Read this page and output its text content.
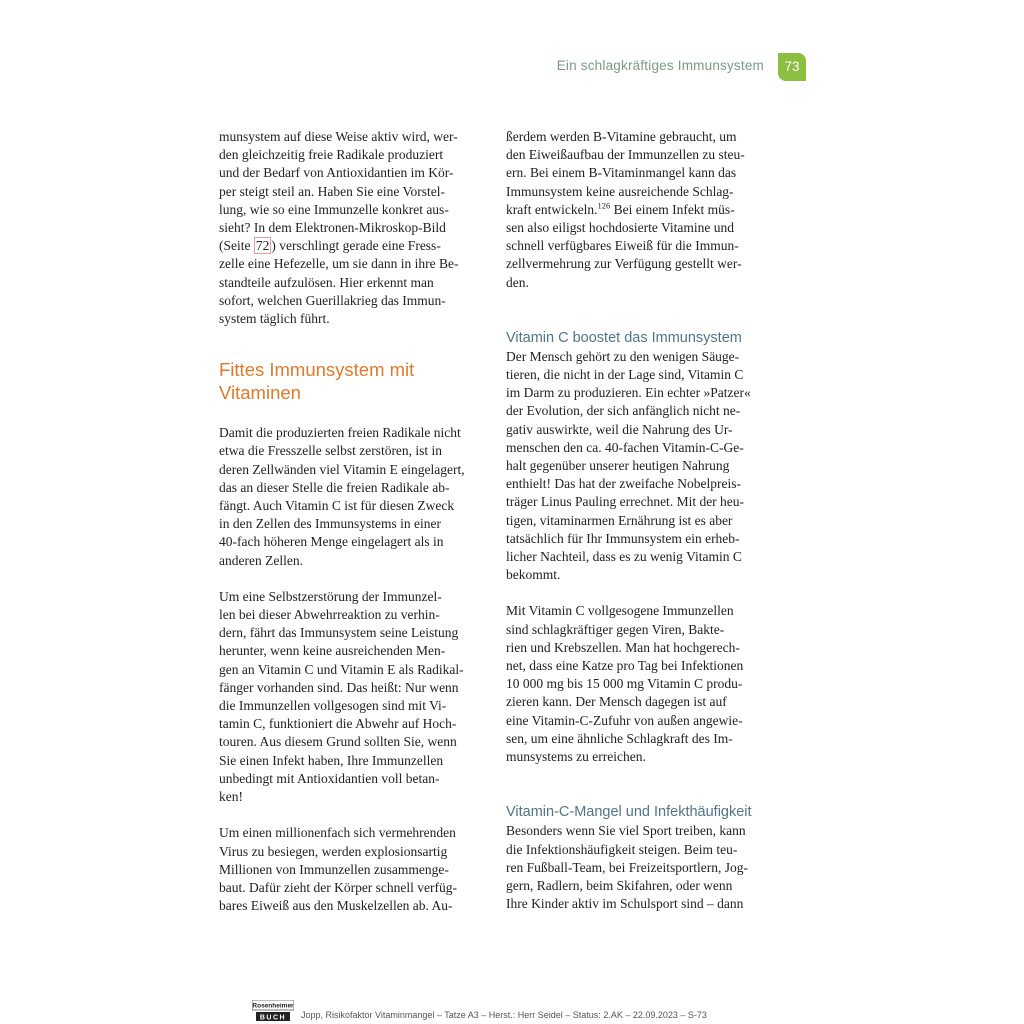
Ein schlagkräftiges Immunsystem	73

munsystem auf diese Weise aktiv wird, wer-
den gleichzeitig freie Radikale produziert
und der Bedarf von Antioxidantien im Kör-
per steigt steil an. Haben Sie eine Vorstel-
lung, wie so eine Immunzelle konkret aus-
sieht? In dem Elektronen-Mikroskop-Bild
(Seite 72 ) verschlingt gerade eine Fress-
zelle eine Hefezelle, um sie dann in ihre Be-
standteile aufzulösen. Hier erkennt man
sofort, welchen Guerillakrieg das Immun-
system täglich führt.

Fittes Immunsystem mit
Vitaminen

Damit die produzierten freien Radikale nicht
etwa die Fresszelle selbst zerstören, ist in
deren Zellwänden viel Vitamin E eingelagert,
das an dieser Stelle die freien Radikale ab-
fängt. Auch Vitamin C ist für diesen Zweck
in den Zellen des Immunsystems in einer
40-fach höheren Menge eingelagert als in
anderen Zellen.

Um eine Selbstzerstörung der Immunzel-
len bei dieser Abwehrreaktion zu verhin-
dern, fährt das Immunsystem seine Leistung
herunter, wenn keine ausreichenden Men-
gen an Vitamin C und Vitamin E als Radikal-
fänger vorhanden sind. Das heißt: Nur wenn
die Immunzellen vollgesogen sind mit Vi-
tamin C, funktioniert die Abwehr auf Hoch-
touren. Aus diesem Grund sollten Sie, wenn
Sie einen Infekt haben, Ihre Immunzellen
unbedingt mit Antioxidantien voll betan-
ken!

Um einen millionenfach sich vermehrenden
Virus zu besiegen, werden explosionsartig
Millionen von Immunzellen zusammenge-
baut. Dafür zieht der Körper schnell verfüg-
bares Eiweiß aus den Muskelzellen ab. Au-

ßerdem werden B-Vitamine gebraucht, um
den Eiweißaufbau der Immunzellen zu steu-
ern. Bei einem B-Vitaminmangel kann das
Immunsystem keine ausreichende Schlag-
kraft entwickeln.$^{126}$ Bei einem Infekt müs-
sen also eiligst hochdosierte Vitamine und
schnell verfügbares Eiweiß für die Immun-
zellvermehrung zur Verfügung gestellt wer-
den.

Vitamin C boostet das Immunsystem

Der Mensch gehört zu den wenigen Säuge-
tieren, die nicht in der Lage sind, Vitamin C
im Darm zu produzieren. Ein echter »Patzer«
der Evolution, der sich anfänglich nicht ne-
gativ auswirkte, weil die Nahrung des Ur-
menschen den ca. 40-fachen Vitamin-C-Ge-
halt gegenüber unserer heutigen Nahrung
enthielt! Das hat der zweifache Nobelpreis-
träger Linus Pauling errechnet. Mit der heu-
tigen, vitaminarmen Ernährung ist es aber
tatsächlich für Ihr Immunsystem ein erheb-
licher Nachteil, dass es zu wenig Vitamin C
bekommt.

Mit Vitamin C vollgesogene Immunzellen
sind schlagkräftiger gegen Viren, Bakte-
rien und Krebszellen. Man hat hochgerech-
net, dass eine Katze pro Tag bei Infektionen
10 000 mg bis 15 000 mg Vitamin C produ-
zieren kann. Der Mensch dagegen ist auf
eine Vitamin-C-Zufuhr von außen angewie-
sen, um eine ähnliche Schlagkraft des Im-
munsystems zu erreichen.

Vitamin-C-Mangel und Infekthäufigkeit

Besonders wenn Sie viel Sport treiben, kann
die Infektionshäufigkeit steigen. Beim teu-
ren Fußball-Team, bei Freizeitsportlern, Jog-
gern, Radlern, beim Skifahren, oder wenn
Ihre Kinder aktiv im Schulsport sind – dann

Rosenheimer
BUCH Jopp, Risikofaktor Vitaminmangel – Tatze A3 – Herst.: Herr Seidel – Status: 2.AK – 22.09.2023 – S-73
